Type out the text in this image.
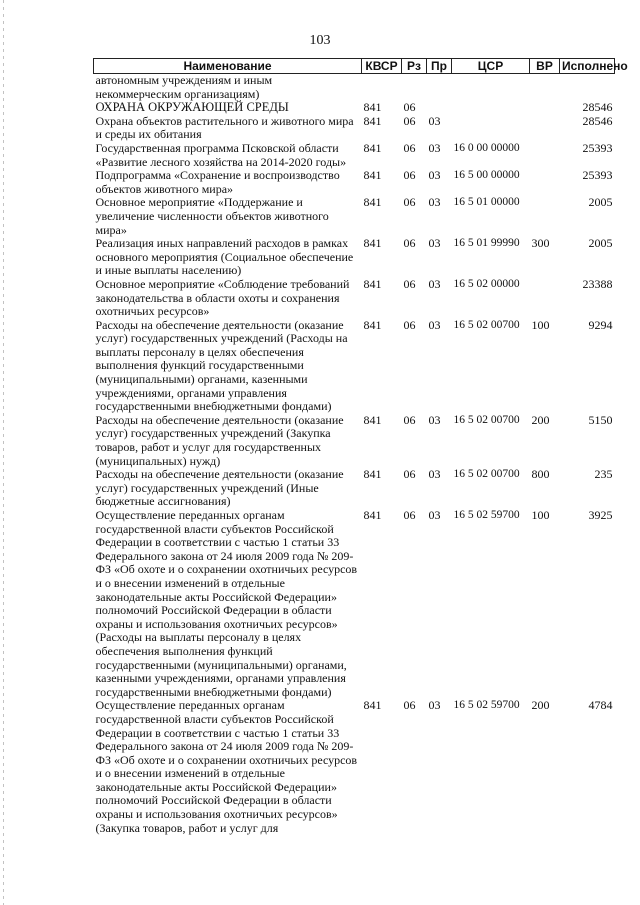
103
Наименование	КВСР	Рз	Пр	ЦСР	ВР	Исполнено
автономным учреждениям и иным некоммерческим организациям)						
ОХРАНА ОКРУЖАЮЩЕЙ СРЕДЫ	841	06				28546
Охрана объектов растительного и животного мира и среды их обитания	841	06	03			28546
Государственная программа Псковской области «Развитие лесного хозяйства на 2014-2020 годы»	841	06	03	16 0 00 00000		25393
Подпрограмма «Сохранение и воспроизводство объектов животного мира»	841	06	03	16 5 00 00000		25393
Основное мероприятие «Поддержание и увеличение численности объектов животного мира»	841	06	03	16 5 01 00000		2005
Реализация иных направлений расходов в рамках основного мероприятия (Социальное обеспечение и иные выплаты населению)	841	06	03	16 5 01 99990	300	2005
Основное мероприятие «Соблюдение требований законодательства в области охоты и сохранения охотничьих ресурсов»	841	06	03	16 5 02 00000		23388
Расходы на обеспечение деятельности (оказание услуг) государственных учреждений (Расходы на выплаты персоналу в целях обеспечения выполнения функций государственными (муниципальными) органами, казенными учреждениями, органами управления государственными внебюджетными фондами)	841	06	03	16 5 02 00700	100	9294
Расходы на обеспечение деятельности (оказание услуг) государственных учреждений (Закупка товаров, работ и услуг для государственных (муниципальных) нужд)	841	06	03	16 5 02 00700	200	5150
Расходы на обеспечение деятельности (оказание услуг) государственных учреждений (Иные бюджетные ассигнования)	841	06	03	16 5 02 00700	800	235
Осуществление переданных органам государственной власти субъектов Российской Федерации в соответствии с частью 1 статьи 33 Федерального закона от 24 июля 2009 года № 209-ФЗ «Об охоте и о сохранении охотничьих ресурсов и о внесении изменений в отдельные законодательные акты Российской Федерации» полномочий Российской Федерации в области охраны и использования охотничьих ресурсов» (Расходы на выплаты персоналу в целях обеспечения выполнения функций государственными (муниципальными) органами, казенными учреждениями, органами управления государственными внебюджетными фондами)	841	06	03	16 5 02 59700	100	3925
Осуществление переданных органам государственной власти субъектов Российской Федерации в соответствии с частью 1 статьи 33 Федерального закона от 24 июля 2009 года № 209-ФЗ «Об охоте и о сохранении охотничьих ресурсов и о внесении изменений в отдельные законодательные акты Российской Федерации» полномочий Российской Федерации в области охраны и использования охотничьих ресурсов» (Закупка товаров, работ и услуг для	841	06	03	16 5 02 59700	200	4784
